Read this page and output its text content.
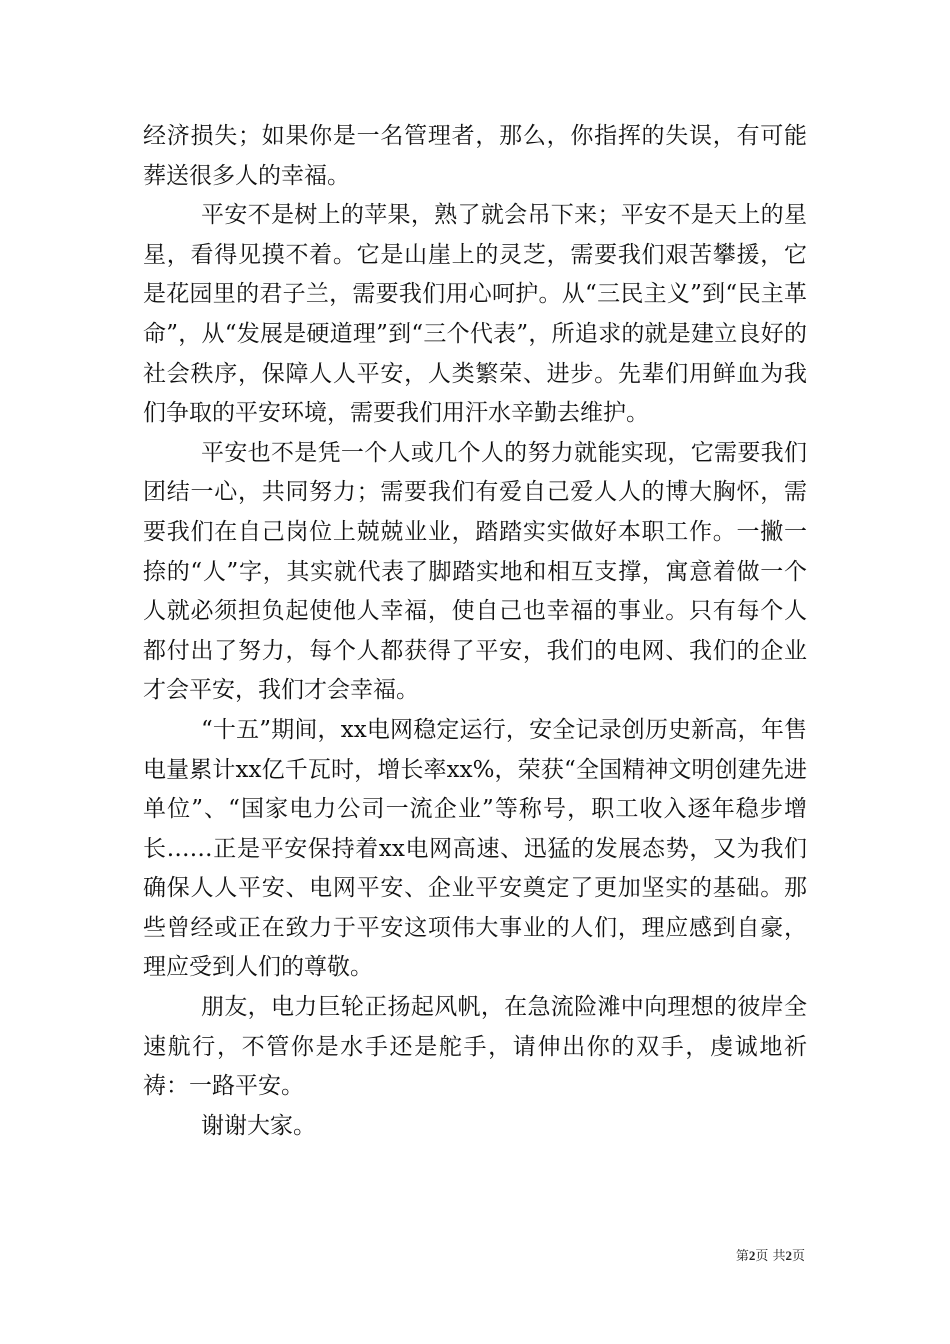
经济损失；如果你是一名管理者，那么，你指挥的失误，有可能葬送很多人的幸福。

平安不是树上的苹果，熟了就会吊下来；平安不是天上的星星，看得见摸不着。它是山崖上的灵芝，需要我们艰苦攀援，它是花园里的君子兰，需要我们用心呵护。从“三民主义”到“民主革命”，从“发展是硬道理”到“三个代表”，所追求的就是建立良好的社会秩序，保障人人平安，人类繁荣、进步。先辈们用鲜血为我们争取的平安环境，需要我们用汗水辛勤去维护。

平安也不是凭一个人或几个人的努力就能实现，它需要我们团结一心，共同努力；需要我们有爱自己爱人人的博大胸怀，需要我们在自己岗位上兢兢业业，踏踏实实做好本职工作。一撇一捺的“人”字，其实就代表了脚踏实地和相互支撑，寓意着做一个人就必须担负起使他人幸福，使自己也幸福的事业。只有每个人都付出了努力，每个人都获得了平安，我们的电网、我们的企业才会平安，我们才会幸福。

“十五”期间，xx电网稳定运行，安全记录创历史新高，年售电量累计xx亿千瓦时，增长率xx%，荣获“全国精神文明创建先进单位”、“国家电力公司一流企业”等称号，职工收入逐年稳步增长……正是平安保持着xx电网高速、迅猛的发展态势，又为我们确保人人平安、电网平安、企业平安奠定了更加坚实的基础。那些曾经或正在致力于平安这项伟大事业的人们，理应感到自豪，理应受到人们的尊敬。

朋友，电力巨轮正扬起风帆，在急流险滩中向理想的彼岸全速航行，不管你是水手还是舵手，请伸出你的双手，虔诚地祈祷：一路平安。

谢谢大家。

第2页 共2页
